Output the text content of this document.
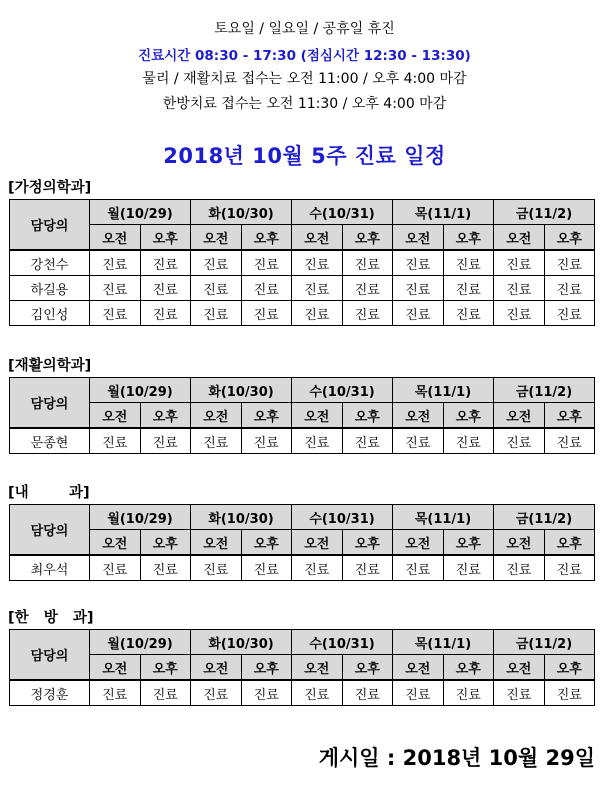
토요일 / 일요일 / 공휴일 휴진
진료시간 08:30 - 17:30 (점심시간 12:30 - 13:30)
물리 / 재활치료 접수는 오전 11:00 / 오후 4:00 마감
한방치료 접수는 오전 11:30 / 오후 4:00 마감
2018년 10월 5주 진료 일정
[가정의학과]
담당의	월(10/29)		화(10/30)		수(10/31)		목(11/1)		금(11/2)	
	오전	오후	오전	오후	오전	오후	오전	오후	오전	오후
강천수	진료	진료	진료	진료	진료	진료	진료	진료	진료	진료
하길용	진료	진료	진료	진료	진료	진료	진료	진료	진료	진료
김인성	진료	진료	진료	진료	진료	진료	진료	진료	진료	진료
[재활의학과]
담당의	월(10/29)		화(10/30)		수(10/31)		목(11/1)		금(11/2)	
	오전	오후	오전	오후	오전	오후	오전	오후	오전	오후
문종현	진료	진료	진료	진료	진료	진료	진료	진료	진료	진료
[내        과]
담당의	월(10/29)		화(10/30)		수(10/31)		목(11/1)		금(11/2)	
	오전	오후	오전	오후	오전	오후	오전	오후	오전	오후
최우석	진료	진료	진료	진료	진료	진료	진료	진료	진료	진료
[한   방   과]
담당의	월(10/29)		화(10/30)		수(10/31)		목(11/1)		금(11/2)	
	오전	오후	오전	오후	오전	오후	오전	오후	오전	오후
정경훈	진료	진료	진료	진료	진료	진료	진료	진료	진료	진료
게시일 : 2018년 10월 29일
